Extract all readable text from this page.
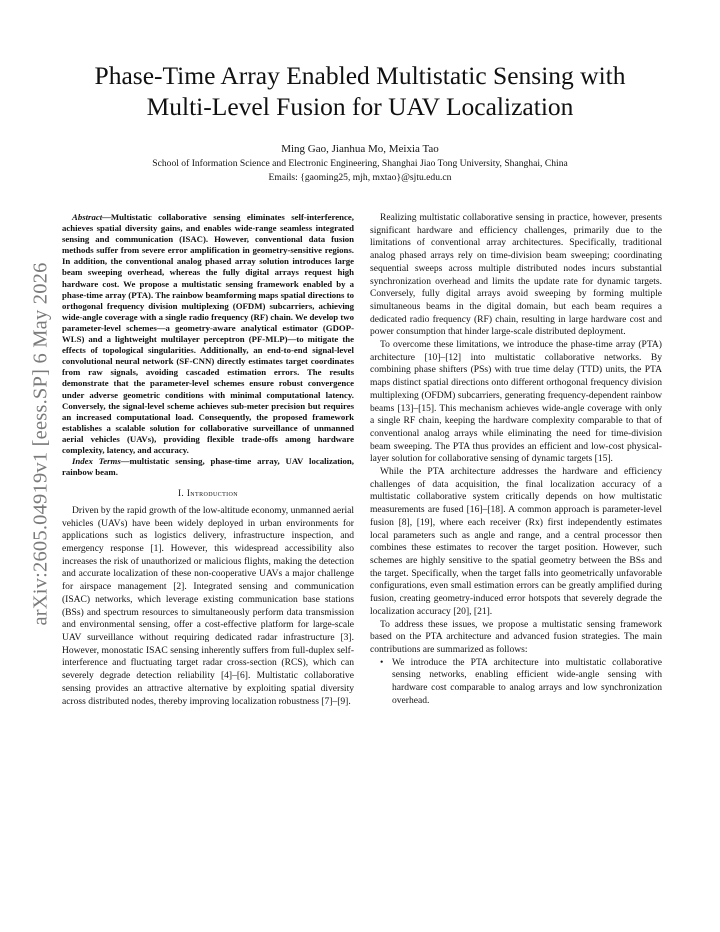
arXiv:2605.04919v1 [eess.SP] 6 May 2026
Phase-Time Array Enabled Multistatic Sensing with
Multi-Level Fusion for UAV Localization
Ming Gao, Jianhua Mo, Meixia Tao
School of Information Science and Electronic Engineering, Shanghai Jiao Tong University, Shanghai, China
Emails: {gaoming25, mjh, mxtao}@sjtu.edu.cn

Abstract—Multistatic collaborative sensing eliminates self-interference, achieves spatial diversity gains, and enables wide-range seamless integrated sensing and communication (ISAC). However, conventional data fusion methods suffer from severe error amplification in geometry-sensitive regions. In addition, the conventional analog phased array solution introduces large beam sweeping overhead, whereas the fully digital arrays request high hardware cost. We propose a multistatic sensing framework enabled by a phase-time array (PTA). The rainbow beamforming maps spatial directions to orthogonal frequency division multiplexing (OFDM) subcarriers, achieving wide-angle coverage with a single radio frequency (RF) chain. We develop two parameter-level schemes—a geometry-aware analytical estimator (GDOP-WLS) and a lightweight multilayer perceptron (PF-MLP)—to mitigate the effects of topological singularities. Additionally, an end-to-end signal-level convolutional neural network (SF-CNN) directly estimates target coordinates from raw signals, avoiding cascaded estimation errors. The results demonstrate that the parameter-level schemes ensure robust convergence under adverse geometric conditions with minimal computational latency. Conversely, the signal-level scheme achieves sub-meter precision but requires an increased computational load. Consequently, the proposed framework establishes a scalable solution for collaborative surveillance of unmanned aerial vehicles (UAVs), providing flexible trade-offs among hardware complexity, latency, and accuracy.

Index Terms—multistatic sensing, phase-time array, UAV localization, rainbow beam.

I. Introduction

Driven by the rapid growth of the low-altitude economy, unmanned aerial vehicles (UAVs) have been widely deployed in urban environments for applications such as logistics delivery, infrastructure inspection, and emergency response [1]. However, this widespread accessibility also increases the risk of unauthorized or malicious flights, making the detection and accurate localization of these non-cooperative UAVs a major challenge for airspace management [2]. Integrated sensing and communication (ISAC) networks, which leverage existing communication base stations (BSs) and spectrum resources to simultaneously perform data transmission and environmental sensing, offer a cost-effective platform for large-scale UAV surveillance without requiring dedicated radar infrastructure [3]. However, monostatic ISAC sensing inherently suffers from full-duplex self-interference and fluctuating target radar cross-section (RCS), which can severely degrade detection reliability [4]–[6]. Multistatic collaborative sensing provides an attractive alternative by exploiting spatial diversity across distributed nodes, thereby improving localization robustness [7]–[9].

Realizing multistatic collaborative sensing in practice, however, presents significant hardware and efficiency challenges, primarily due to the limitations of conventional array architectures. Specifically, traditional analog phased arrays rely on time-division beam sweeping; coordinating sequential sweeps across multiple distributed nodes incurs substantial synchronization overhead and limits the update rate for dynamic targets. Conversely, fully digital arrays avoid sweeping by forming multiple simultaneous beams in the digital domain, but each beam requires a dedicated radio frequency (RF) chain, resulting in large hardware cost and power consumption that hinder large-scale distributed deployment.

To overcome these limitations, we introduce the phase-time array (PTA) architecture [10]–[12] into multistatic collaborative networks. By combining phase shifters (PSs) with true time delay (TTD) units, the PTA maps distinct spatial directions onto different orthogonal frequency division multiplexing (OFDM) subcarriers, generating frequency-dependent rainbow beams [13]–[15]. This mechanism achieves wide-angle coverage with only a single RF chain, keeping the hardware complexity comparable to that of conventional analog arrays while eliminating the need for time-division beam sweeping. The PTA thus provides an efficient and low-cost physical-layer solution for collaborative sensing of dynamic targets [15].

While the PTA architecture addresses the hardware and efficiency challenges of data acquisition, the final localization accuracy of a multistatic collaborative system critically depends on how multistatic measurements are fused [16]–[18]. A common approach is parameter-level fusion [8], [19], where each receiver (Rx) first independently estimates local parameters such as angle and range, and a central processor then combines these estimates to recover the target position. However, such schemes are highly sensitive to the spatial geometry between the BSs and the target. Specifically, when the target falls into geometrically unfavorable configurations, even small estimation errors can be greatly amplified during fusion, creating geometry-induced error hotspots that severely degrade the localization accuracy [20], [21].

To address these issues, we propose a multistatic sensing framework based on the PTA architecture and advanced fusion strategies. The main contributions are summarized as follows:

• We introduce the PTA architecture into multistatic collaborative sensing networks, enabling efficient wide-angle sensing with hardware cost comparable to analog arrays and low synchronization overhead.
